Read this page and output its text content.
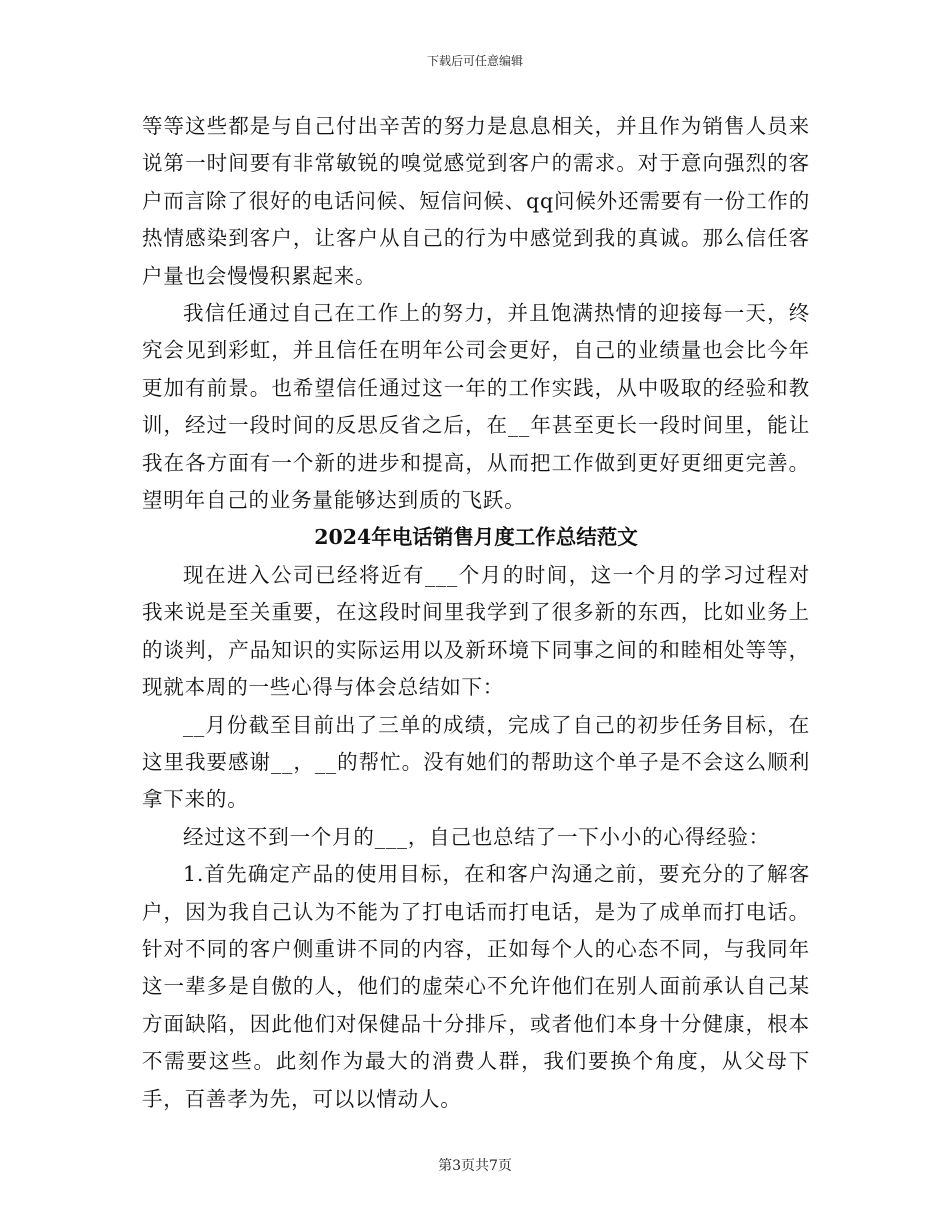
下载后可任意编辑

等等这些都是与自己付出辛苦的努力是息息相关，并且作为销售人员来说第一时间要有非常敏锐的嗅觉感觉到客户的需求。对于意向强烈的客户而言除了很好的电话问候、短信问候、qq问候外还需要有一份工作的热情感染到客户，让客户从自己的行为中感觉到我的真诚。那么信任客户量也会慢慢积累起来。

我信任通过自己在工作上的努力，并且饱满热情的迎接每一天，终究会见到彩虹，并且信任在明年公司会更好，自己的业绩量也会比今年更加有前景。也希望信任通过这一年的工作实践，从中吸取的经验和教训，经过一段时间的反思反省之后，在__年甚至更长一段时间里，能让我在各方面有一个新的进步和提高，从而把工作做到更好更细更完善。望明年自己的业务量能够达到质的飞跃。

2024年电话销售月度工作总结范文

现在进入公司已经将近有___个月的时间，这一个月的学习过程对我来说是至关重要，在这段时间里我学到了很多新的东西，比如业务上的谈判，产品知识的实际运用以及新环境下同事之间的和睦相处等等，现就本周的一些心得与体会总结如下：

__月份截至目前出了三单的成绩，完成了自己的初步任务目标，在这里我要感谢__，__的帮忙。没有她们的帮助这个单子是不会这么顺利拿下来的。

经过这不到一个月的___，自己也总结了一下小小的心得经验：

1.首先确定产品的使用目标，在和客户沟通之前，要充分的了解客户，因为我自己认为不能为了打电话而打电话，是为了成单而打电话。针对不同的客户侧重讲不同的内容，正如每个人的心态不同，与我同年这一辈多是自傲的人，他们的虚荣心不允许他们在别人面前承认自己某方面缺陷，因此他们对保健品十分排斥，或者他们本身十分健康，根本不需要这些。此刻作为最大的消费人群，我们要换个角度，从父母下手，百善孝为先，可以以情动人。

第3页共7页
